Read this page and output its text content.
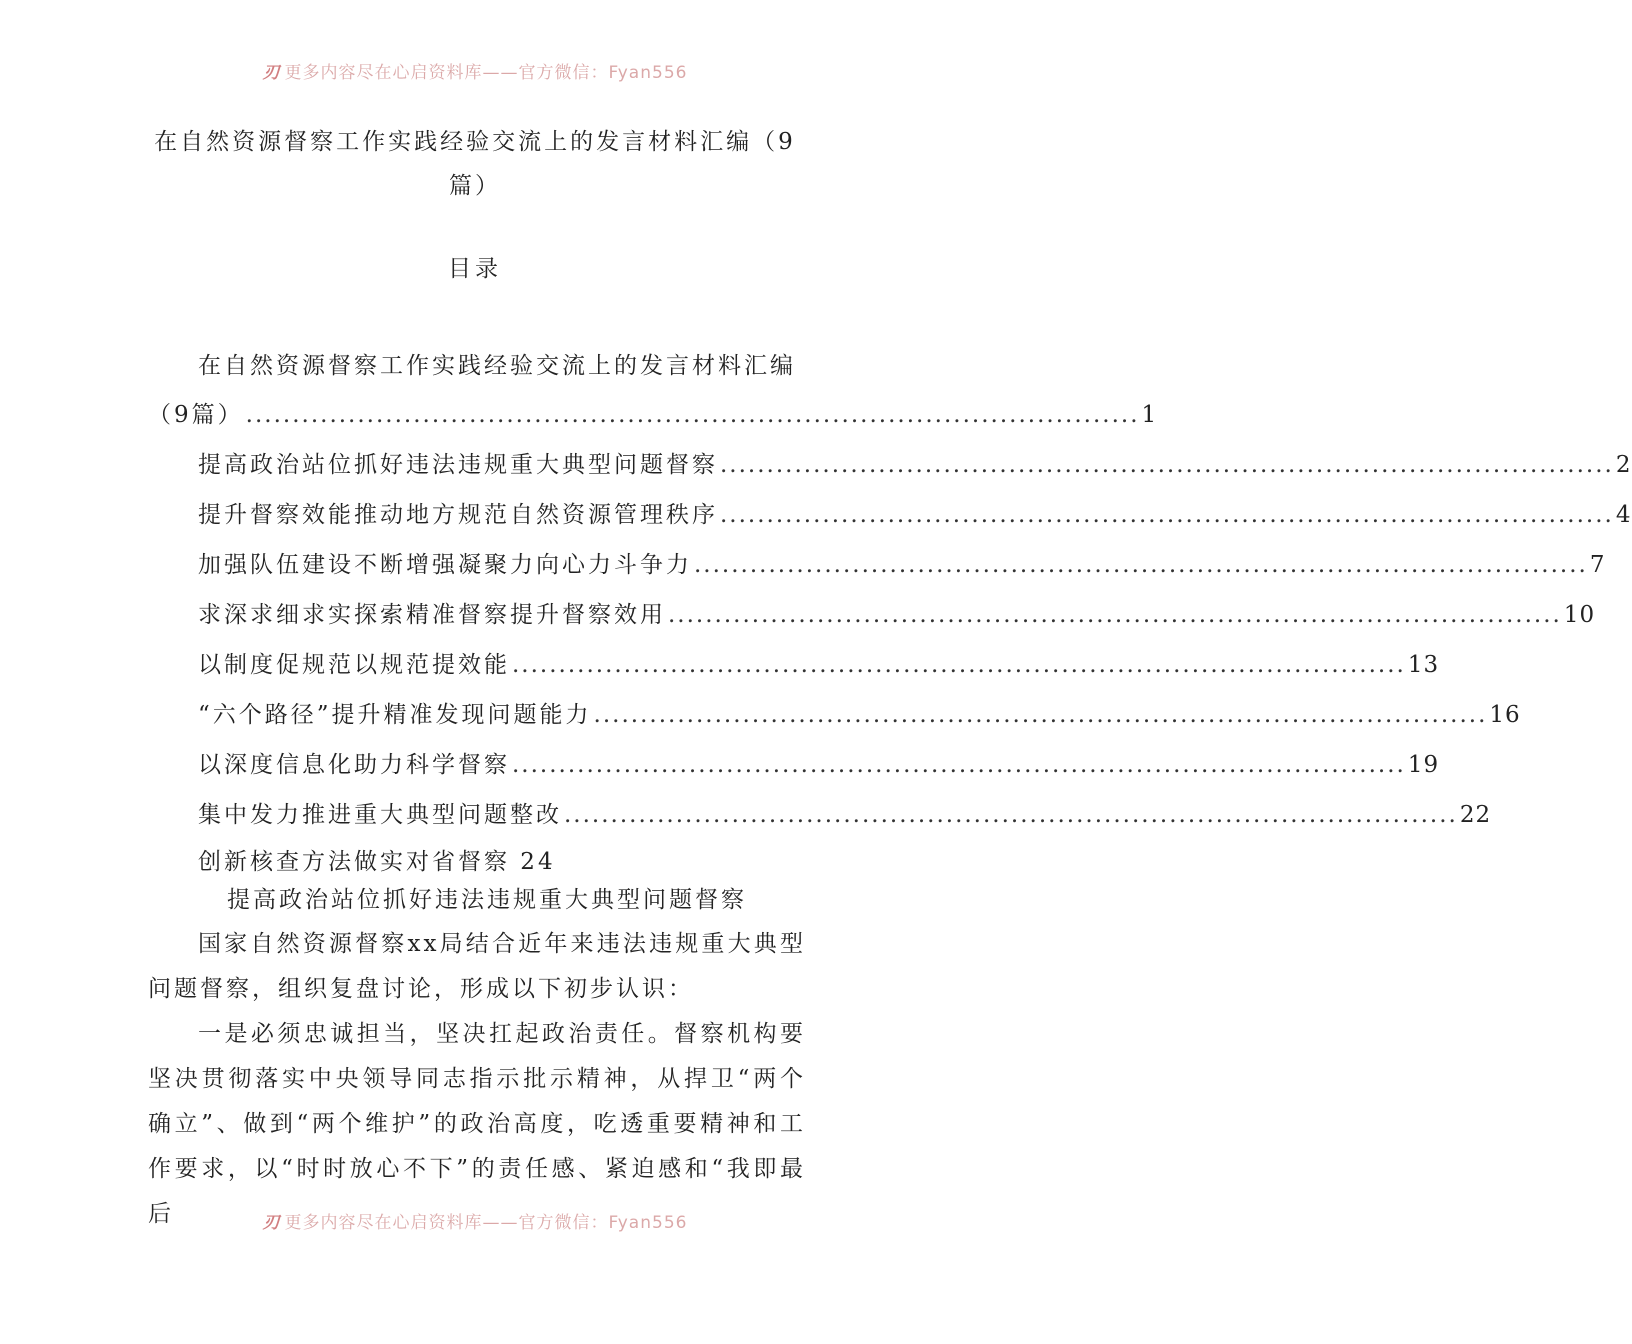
刃 更多内容尽在心启资料库——官方微信：Fyan556
在自然资源督察工作实践经验交流上的发言材料汇编（9篇）
目录
在自然资源督察工作实践经验交流上的发言材料汇编
（9篇） ................................................................................................ 1
提高政治站位抓好违法违规重大典型问题督察 ................................................................................................ 2
提升督察效能推动地方规范自然资源管理秩序 ................................................................................................ 4
加强队伍建设不断增强凝聚力向心力斗争力 ................................................................................................ 7
求深求细求实探索精准督察提升督察效用 ................................................................................................ 10
以制度促规范以规范提效能 ................................................................................................ 13
“六个路径”提升精准发现问题能力 ................................................................................................ 16
以深度信息化助力科学督察 ................................................................................................ 19
集中发力推进重大典型问题整改 ................................................................................................ 22
创新核查方法做实对省督察 24
提高政治站位抓好违法违规重大典型问题督察

国家自然资源督察xx局结合近年来违法违规重大典型问题督察，组织复盘讨论，形成以下初步认识：

一是必须忠诚担当，坚决扛起政治责任。督察机构要坚决贯彻落实中央领导同志指示批示精神，从捍卫“两个确立”、做到“两个维护”的政治高度，吃透重要精神和工作要求，以“时时放心不下”的责任感、紧迫感和“我即最后	刃 更多内容尽在心启资料库——官方微信：Fyan556
